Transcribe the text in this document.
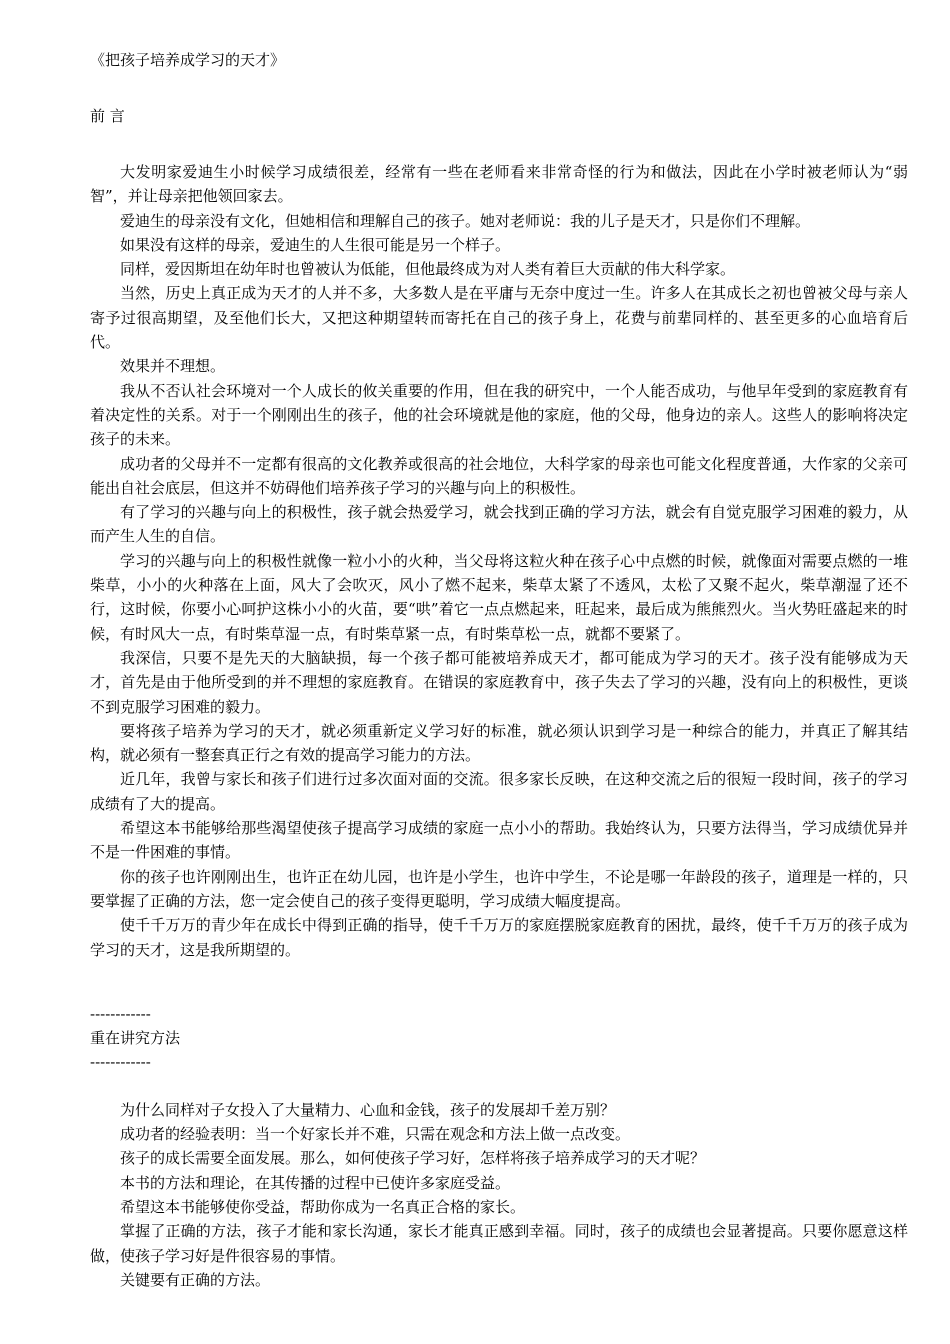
《把孩子培养成学习的天才》

前 言

大发明家爱迪生小时候学习成绩很差，经常有一些在老师看来非常奇怪的行为和做法，因此在小学时被老师认为“弱智”，并让母亲把他领回家去。

爱迪生的母亲没有文化，但她相信和理解自己的孩子。她对老师说：我的儿子是天才，只是你们不理解。

如果没有这样的母亲，爱迪生的人生很可能是另一个样子。

同样，爱因斯坦在幼年时也曾被认为低能，但他最终成为对人类有着巨大贡献的伟大科学家。

当然，历史上真正成为天才的人并不多，大多数人是在平庸与无奈中度过一生。许多人在其成长之初也曾被父母与亲人寄予过很高期望，及至他们长大，又把这种期望转而寄托在自己的孩子身上，花费与前辈同样的、甚至更多的心血培育后代。

效果并不理想。

我从不否认社会环境对一个人成长的攸关重要的作用，但在我的研究中，一个人能否成功，与他早年受到的家庭教育有着决定性的关系。对于一个刚刚出生的孩子，他的社会环境就是他的家庭，他的父母，他身边的亲人。这些人的影响将决定孩子的未来。

成功者的父母并不一定都有很高的文化教养或很高的社会地位，大科学家的母亲也可能文化程度普通，大作家的父亲可能出自社会底层，但这并不妨碍他们培养孩子学习的兴趣与向上的积极性。

有了学习的兴趣与向上的积极性，孩子就会热爱学习，就会找到正确的学习方法，就会有自觉克服学习困难的毅力，从而产生人生的自信。

学习的兴趣与向上的积极性就像一粒小小的火种，当父母将这粒火种在孩子心中点燃的时候，就像面对需要点燃的一堆柴草，小小的火种落在上面，风大了会吹灭，风小了燃不起来，柴草太紧了不透风，太松了又聚不起火，柴草潮湿了还不行，这时候，你要小心呵护这株小小的火苗，要“哄”着它一点点燃起来，旺起来，最后成为熊熊烈火。当火势旺盛起来的时候，有时风大一点，有时柴草湿一点，有时柴草紧一点，有时柴草松一点，就都不要紧了。

我深信，只要不是先天的大脑缺损，每一个孩子都可能被培养成天才，都可能成为学习的天才。孩子没有能够成为天才，首先是由于他所受到的并不理想的家庭教育。在错误的家庭教育中，孩子失去了学习的兴趣，没有向上的积极性，更谈不到克服学习困难的毅力。

要将孩子培养为学习的天才，就必须重新定义学习好的标准，就必须认识到学习是一种综合的能力，并真正了解其结构，就必须有一整套真正行之有效的提高学习能力的方法。

近几年，我曾与家长和孩子们进行过多次面对面的交流。很多家长反映，在这种交流之后的很短一段时间，孩子的学习成绩有了大的提高。

希望这本书能够给那些渴望使孩子提高学习成绩的家庭一点小小的帮助。我始终认为，只要方法得当，学习成绩优异并不是一件困难的事情。

你的孩子也许刚刚出生，也许正在幼儿园，也许是小学生，也许中学生，不论是哪一年龄段的孩子，道理是一样的，只要掌握了正确的方法，您一定会使自己的孩子变得更聪明，学习成绩大幅度提高。

使千千万万的青少年在成长中得到正确的指导，使千千万万的家庭摆脱家庭教育的困扰，最终，使千千万万的孩子成为学习的天才，这是我所期望的。

------------

重在讲究方法

------------

为什么同样对子女投入了大量精力、心血和金钱，孩子的发展却千差万别？

成功者的经验表明：当一个好家长并不难，只需在观念和方法上做一点改变。

孩子的成长需要全面发展。那么，如何使孩子学习好，怎样将孩子培养成学习的天才呢？

本书的方法和理论，在其传播的过程中已使许多家庭受益。

希望这本书能够使你受益，帮助你成为一名真正合格的家长。

掌握了正确的方法，孩子才能和家长沟通，家长才能真正感到幸福。同时，孩子的成绩也会显著提高。只要你愿意这样做，使孩子学习好是件很容易的事情。

关键要有正确的方法。
